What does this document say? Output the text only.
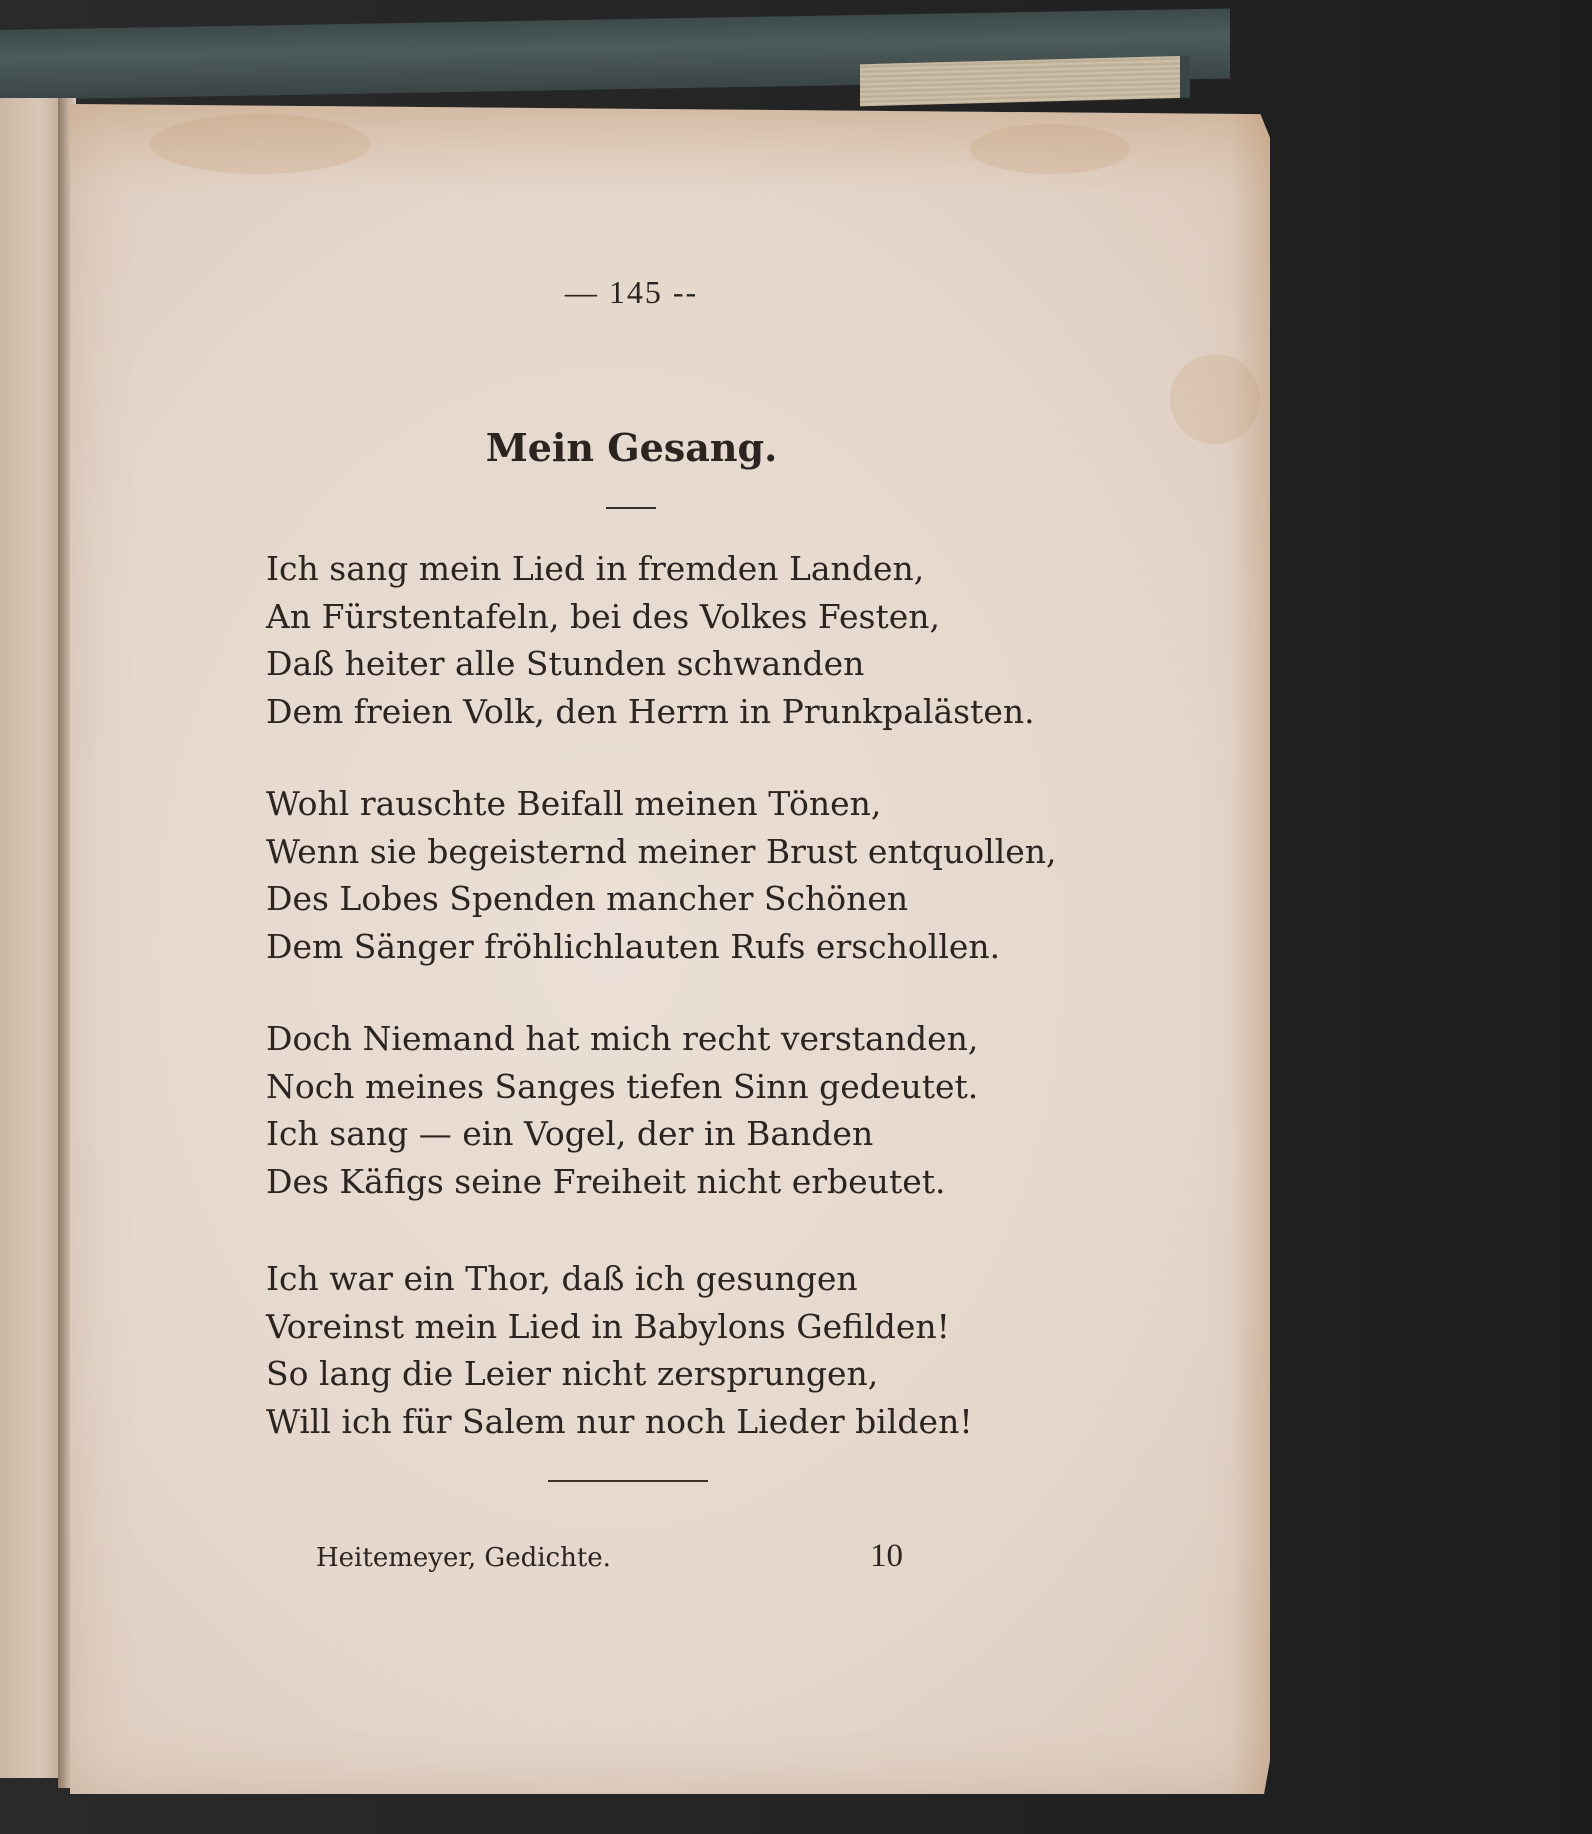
— 145 --
Mein Gesang.
Ich sang mein Lied in fremden Landen,
An Fürstentafeln, bei des Volkes Festen,
Daß heiter alle Stunden schwanden
Dem freien Volk, den Herrn in Prunkpalästen.
Wohl rauschte Beifall meinen Tönen,
Wenn sie begeisternd meiner Brust entquollen,
Des Lobes Spenden mancher Schönen
Dem Sänger fröhlichlauten Rufs erschollen.
Doch Niemand hat mich recht verstanden,
Noch meines Sanges tiefen Sinn gedeutet.
Ich sang — ein Vogel, der in Banden
Des Käfigs seine Freiheit nicht erbeutet.
Ich war ein Thor, daß ich gesungen
Voreinst mein Lied in Babylons Gefilden!
So lang die Leier nicht zersprungen,
Will ich für Salem nur noch Lieder bilden!
Heitemeyer, Gedichte.	10
